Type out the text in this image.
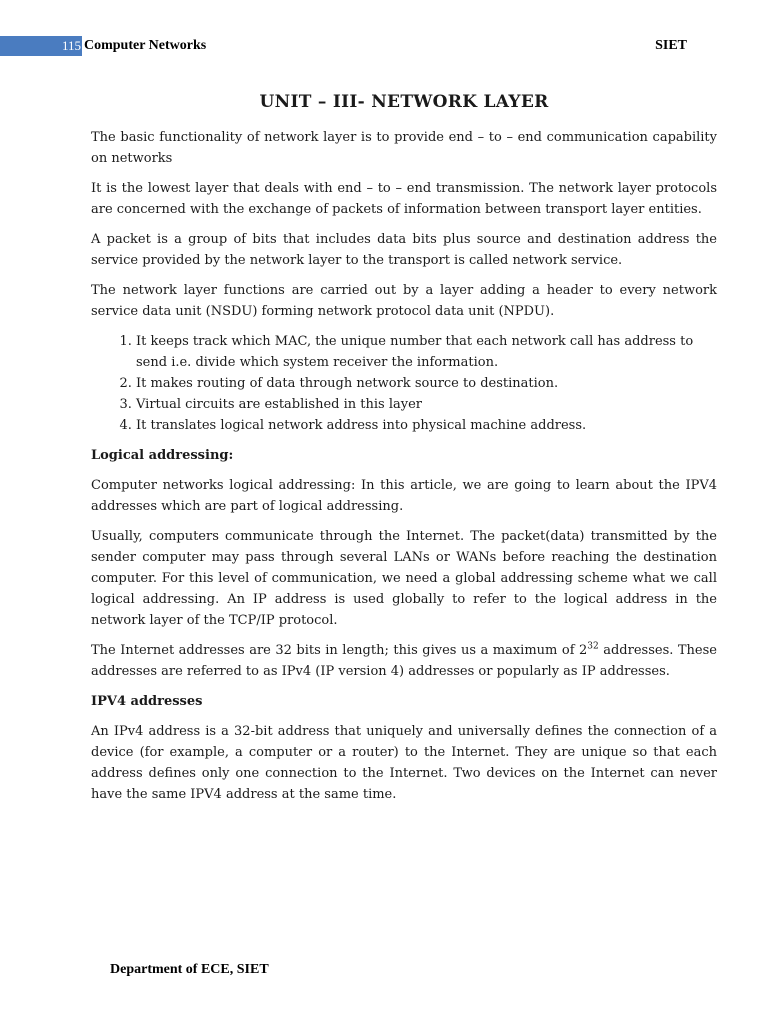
115 Computer Networks	SIET
UNIT – III- NETWORK LAYER

The basic functionality of network layer is to provide end – to – end communication capability on networks

It is the lowest layer that deals with end – to – end transmission. The network layer protocols are concerned with the exchange of packets of information between transport layer entities.

A packet is a group of bits that includes data bits plus source and destination address the service provided by the network layer to the transport is called network service.

The network layer functions are carried out by a layer adding a header to every network service data unit (NSDU) forming network protocol data unit (NPDU).

1. It keeps track which MAC, the unique number that each network call has address to send i.e. divide which system receiver the information.
2. It makes routing of data through network source to destination.
3. Virtual circuits are established in this layer
4. It translates logical network address into physical machine address.
Logical addressing:

Computer networks logical addressing: In this article, we are going to learn about the IPV4 addresses which are part of logical addressing.

Usually, computers communicate through the Internet. The packet(data) transmitted by the sender computer may pass through several LANs or WANs before reaching the destination computer. For this level of communication, we need a global addressing scheme what we call logical addressing. An IP address is used globally to refer to the logical address in the network layer of the TCP/IP protocol.

The Internet addresses are 32 bits in length; this gives us a maximum of $2^{32}$ addresses. These addresses are referred to as IPv4 (IP version 4) addresses or popularly as IP addresses.

IPV4 addresses

An IPv4 address is a 32-bit address that uniquely and universally defines the connection of a device (for example, a computer or a router) to the Internet. They are unique so that each address defines only one connection to the Internet. Two devices on the Internet can never have the same IPV4 address at the same time.

Department of ECE, SIET
